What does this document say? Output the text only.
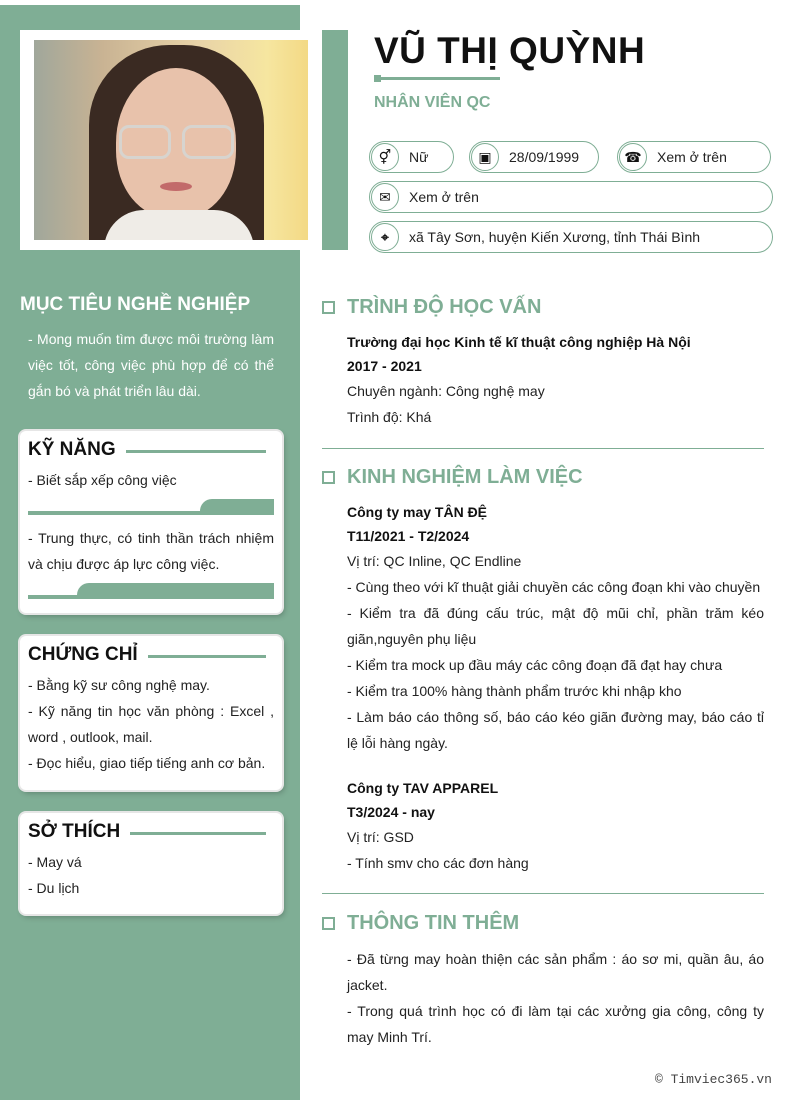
MỤC TIÊU NGHỀ NGHIỆP
- Mong muốn tìm được môi trường làm việc tốt, công việc phù hợp để có thể gắn bó và phát triển lâu dài.
KỸ NĂNG
- Biết sắp xếp công việc
- Trung thực, có tinh thần trách nhiệm và chịu được áp lực công việc.
CHỨNG CHỈ
- Bằng kỹ sư công nghệ may.
- Kỹ năng tin học văn phòng : Excel , word , outlook, mail.
- Đọc hiểu, giao tiếp tiếng anh cơ bản.
SỞ THÍCH
- May vá
- Du lịch
VŨ THỊ QUỲNH
NHÂN VIÊN QC
⚥	Nữ	▣	28/09/1999	☎	Xem ở trên
✉	Xem ở trên
⌖	xã Tây Sơn, huyện Kiến Xương, tỉnh Thái Bình
TRÌNH ĐỘ HỌC VẤN
Trường đại học Kinh tế kĩ thuật công nghiệp Hà Nội
2017 - 2021
Chuyên ngành: Công nghệ may
Trình độ: Khá
KINH NGHIỆM LÀM VIỆC
Công ty may TÂN ĐỆ
T11/2021 - T2/2024
Vị trí: QC Inline, QC Endline
- Cùng theo với kĩ thuật giải chuyền các công đoạn khi vào chuyền
- Kiểm tra đã đúng cấu trúc, mật độ mũi chỉ, phần trăm kéo giãn,nguyên phụ liệu
- Kiểm tra mock up đầu máy các công đoạn đã đạt hay chưa
- Kiểm tra 100% hàng thành phẩm trước khi nhập kho
- Làm báo cáo thông số, báo cáo kéo giãn đường may, báo cáo tỉ lệ lỗi hàng ngày.
Công ty TAV APPAREL
T3/2024 - nay
Vị trí: GSD
- Tính smv cho các đơn hàng
THÔNG TIN THÊM
- Đã từng may hoàn thiện các sản phẩm : áo sơ mi, quần âu, áo jacket.
- Trong quá trình học có đi làm tại các xưởng gia công, công ty may Minh Trí.
© Timviec365.vn
